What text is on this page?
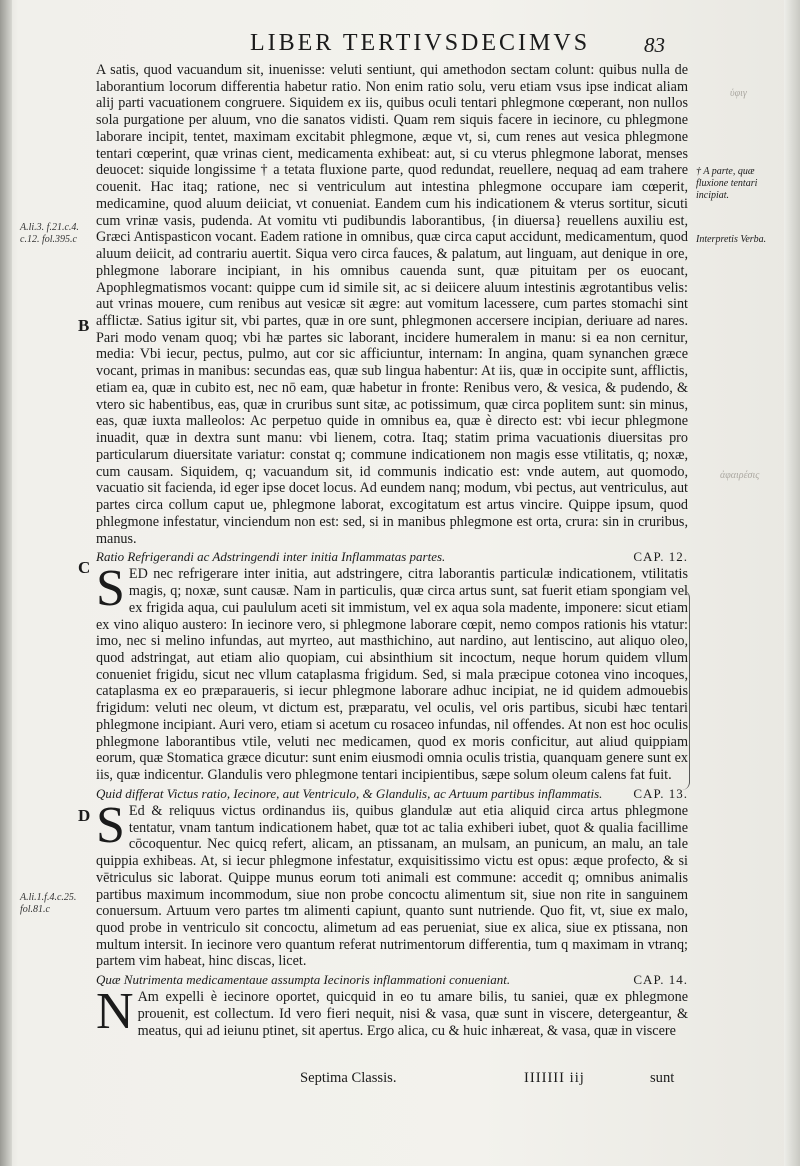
LIBER TERTIVSDECIMVS	83
A.li.3. f.21.c.4. c.12. fol.395.c
A.li.1.f.4.c.25. fol.81.c
† A parte, quæ fluxione tentari incipiat.
Interpretis Verba.
ὑφιγ
ἀφαιρέσις
B
C
D

A satis, quod vacuandum sit, inuenisse: veluti sentiunt, qui amethodon sectam colunt: quibus nulla de laborantium locorum differentia habetur ratio. Non enim ratio solu, veru etiam vsus ipse indicat aliam alij parti vacuationem congruere. Siquidem ex iis, quibus oculi tentari phlegmone cœperant, non nullos sola purgatione per aluum, vno die sanatos vidisti. Quam rem siquis facere in iecinore, cu phlegmone laborare incipit, tentet, maximam excitabit phlegmone, æque vt, si, cum renes aut vesica phlegmone tentari cœperint, quæ vrinas cient, medicamenta exhibeat: aut, si cu vterus phlegmone laborat, menses deuocet: siquide longissime † a tetata fluxione parte, quod redundat, reuellere, nequaq ad eam trahere couenit. Hac itaq; ratione, nec si ventriculum aut intestina phlegmone occupare iam cœperit, medicamine, quod aluum deiiciat, vt conueniat. Eandem cum his indicationem & vterus sortitur, sicuti cum vrinæ vasis, pudenda. At vomitu vti pudibundis laborantibus, {in diuersa} reuellens auxiliu est, Græci Antispasticon vocant. Eadem ratione in omnibus, quæ circa caput accidunt, medicamentum, quod aluum deiicit, ad contrariu auertit. Siqua vero circa fauces, & palatum, aut linguam, aut denique in ore, phlegmone laborare incipiant, in his omnibus cauenda sunt, quæ pituitam per os euocant, Apophlegmatismos vocant: quippe cum id simile sit, ac si deiicere aluum intestinis ægrotantibus velis: aut vrinas mouere, cum renibus aut vesicæ sit ægre: aut vomitum lacessere, cum partes stomachi sint afflictæ. Satius igitur sit, vbi partes, quæ in ore sunt, phlegmonen accersere incipian, deriuare ad nares. Pari modo venam quoq; vbi hæ partes sic laborant, incidere humeralem in manu: si ea non cernitur, media: Vbi iecur, pectus, pulmo, aut cor sic afficiuntur, internam: In angina, quam synanchen græce vocant, primas in manibus: secundas eas, quæ sub lingua habentur: At iis, quæ in occipite sunt, afflictis, etiam ea, quæ in cubito est, nec nō eam, quæ habetur in fronte: Renibus vero, & vesica, & pudendo, & vtero sic habentibus, eas, quæ in cruribus sunt sitæ, ac potissimum, quæ circa poplitem sunt: sin minus, eas, quæ iuxta malleolos: Ac perpetuo quide in omnibus ea, quæ è directo est: vbi iecur phlegmone inuadit, quæ in dextra sunt manu: vbi lienem, cotra. Itaq; statim prima vacuationis diuersitas pro particularum diuersitate variatur: constat q; commune indicationem non magis esse vtilitatis, q; noxæ, cum causam. Siquidem, q; vacuandum sit, id communis indicatio est: vnde autem, aut quomodo, vacuatio sit facienda, id eger ipse docet locus. Ad eundem nanq; modum, vbi pectus, aut ventriculus, aut partes circa collum caput ue, phlegmone laborat, excogitatum est artus vincire. Quippe ipsum, quod phlegmone infestatur, vinciendum non est: sed, si in manibus phlegmone est orta, crura: sin in cruribus, manus.

CAP. 12.
Ratio Refrigerandi ac Adstringendi inter initia Inflammatas partes.

SED nec refrigerare inter initia, aut adstringere, citra laborantis particulæ indicationem, vtilitatis magis, q; noxæ, sunt causæ. Nam in particulis, quæ circa artus sunt, sat fuerit etiam spongiam vel ex frigida aqua, cui paululum aceti sit immistum, vel ex aqua sola madente, imponere: sicut etiam ex vino aliquo austero: In iecinore vero, si phlegmone laborare cœpit, nemo compos rationis his vtatur: imo, nec si melino infundas, aut myrteo, aut masthichino, aut nardino, aut lentiscino, aut aliquo oleo, quod adstringat, aut etiam alio quopiam, cui absinthium sit incoctum, neque horum quidem vllum conueniet frigidu, sicut nec vllum cataplasma frigidum. Sed, si mala præcipue cotonea vino incoques, cataplasma ex eo præparaueris, si iecur phlegmone laborare adhuc incipiat, ne id quidem admouebis frigidum: veluti nec oleum, vt dictum est, præparatu, vel oculis, vel oris partibus, sicubi hæc tentari phlegmone incipiant. Auri vero, etiam si acetum cu rosaceo infundas, nil offendes. At non est hoc oculis phlegmone laborantibus vtile, veluti nec medicamen, quod ex moris conficitur, aut aliud quippiam eorum, quæ Stomatica græce dicutur: sunt enim eiusmodi omnia oculis tristia, quanquam genere sunt ex iis, quæ indicentur. Glandulis vero phlegmone tentari incipientibus, sæpe solum oleum calens fat fuit.

CAP. 13.
Quid differat Victus ratio, Iecinore, aut Ventriculo, & Glandulis, ac Artuum partibus inflammatis.

S Ed & reliquus victus ordinandus iis, quibus glandulæ aut etia aliquid circa artus phlegmone tentatur, vnam tantum indicationem habet, quæ tot ac talia exhiberi iubet, quot & qualia facillime cōcoquentur. Nec quicq refert, alicam, an ptissanam, an mulsam, an punicum, an malu, an tale quippia exhibeas. At, si iecur phlegmone infestatur, exquisitissimo victu est opus: æque profecto, & si vētriculus sic laborat. Quippe munus eorum toti animali est commune: accedit q; omnibus animalis partibus maximum incommodum, siue non probe concoctu alimentum sit, siue non rite in sanguinem conuersum. Artuum vero partes tm alimenti capiunt, quanto sunt nutriende. Quo fit, vt, siue ex malo, quod probe in ventriculo sit concoctu, alimetum ad eas perueniat, siue ex alica, siue ex ptissana, non multum intersit. In iecinore vero quantum referat nutrimentorum differentia, tum q maximam in vtranq; partem vim habeat, hinc discas, licet.

CAP. 14.
Quæ Nutrimenta medicamentaue assumpta Iecinoris inflammationi conueniant.

N Am expelli è iecinore oportet, quicquid in eo tu amare bilis, tu saniei, quæ ex phlegmone prouenit, est collectum. Id vero fieri nequit, nisi & vasa, quæ sunt in viscere, detergeantur, & meatus, qui ad ieiunu ptinet, sit apertus. Ergo alica, cu & huic inhæreat, & vasa, quæ in viscere

Septima Classis.	IIIIIII iij	sunt
